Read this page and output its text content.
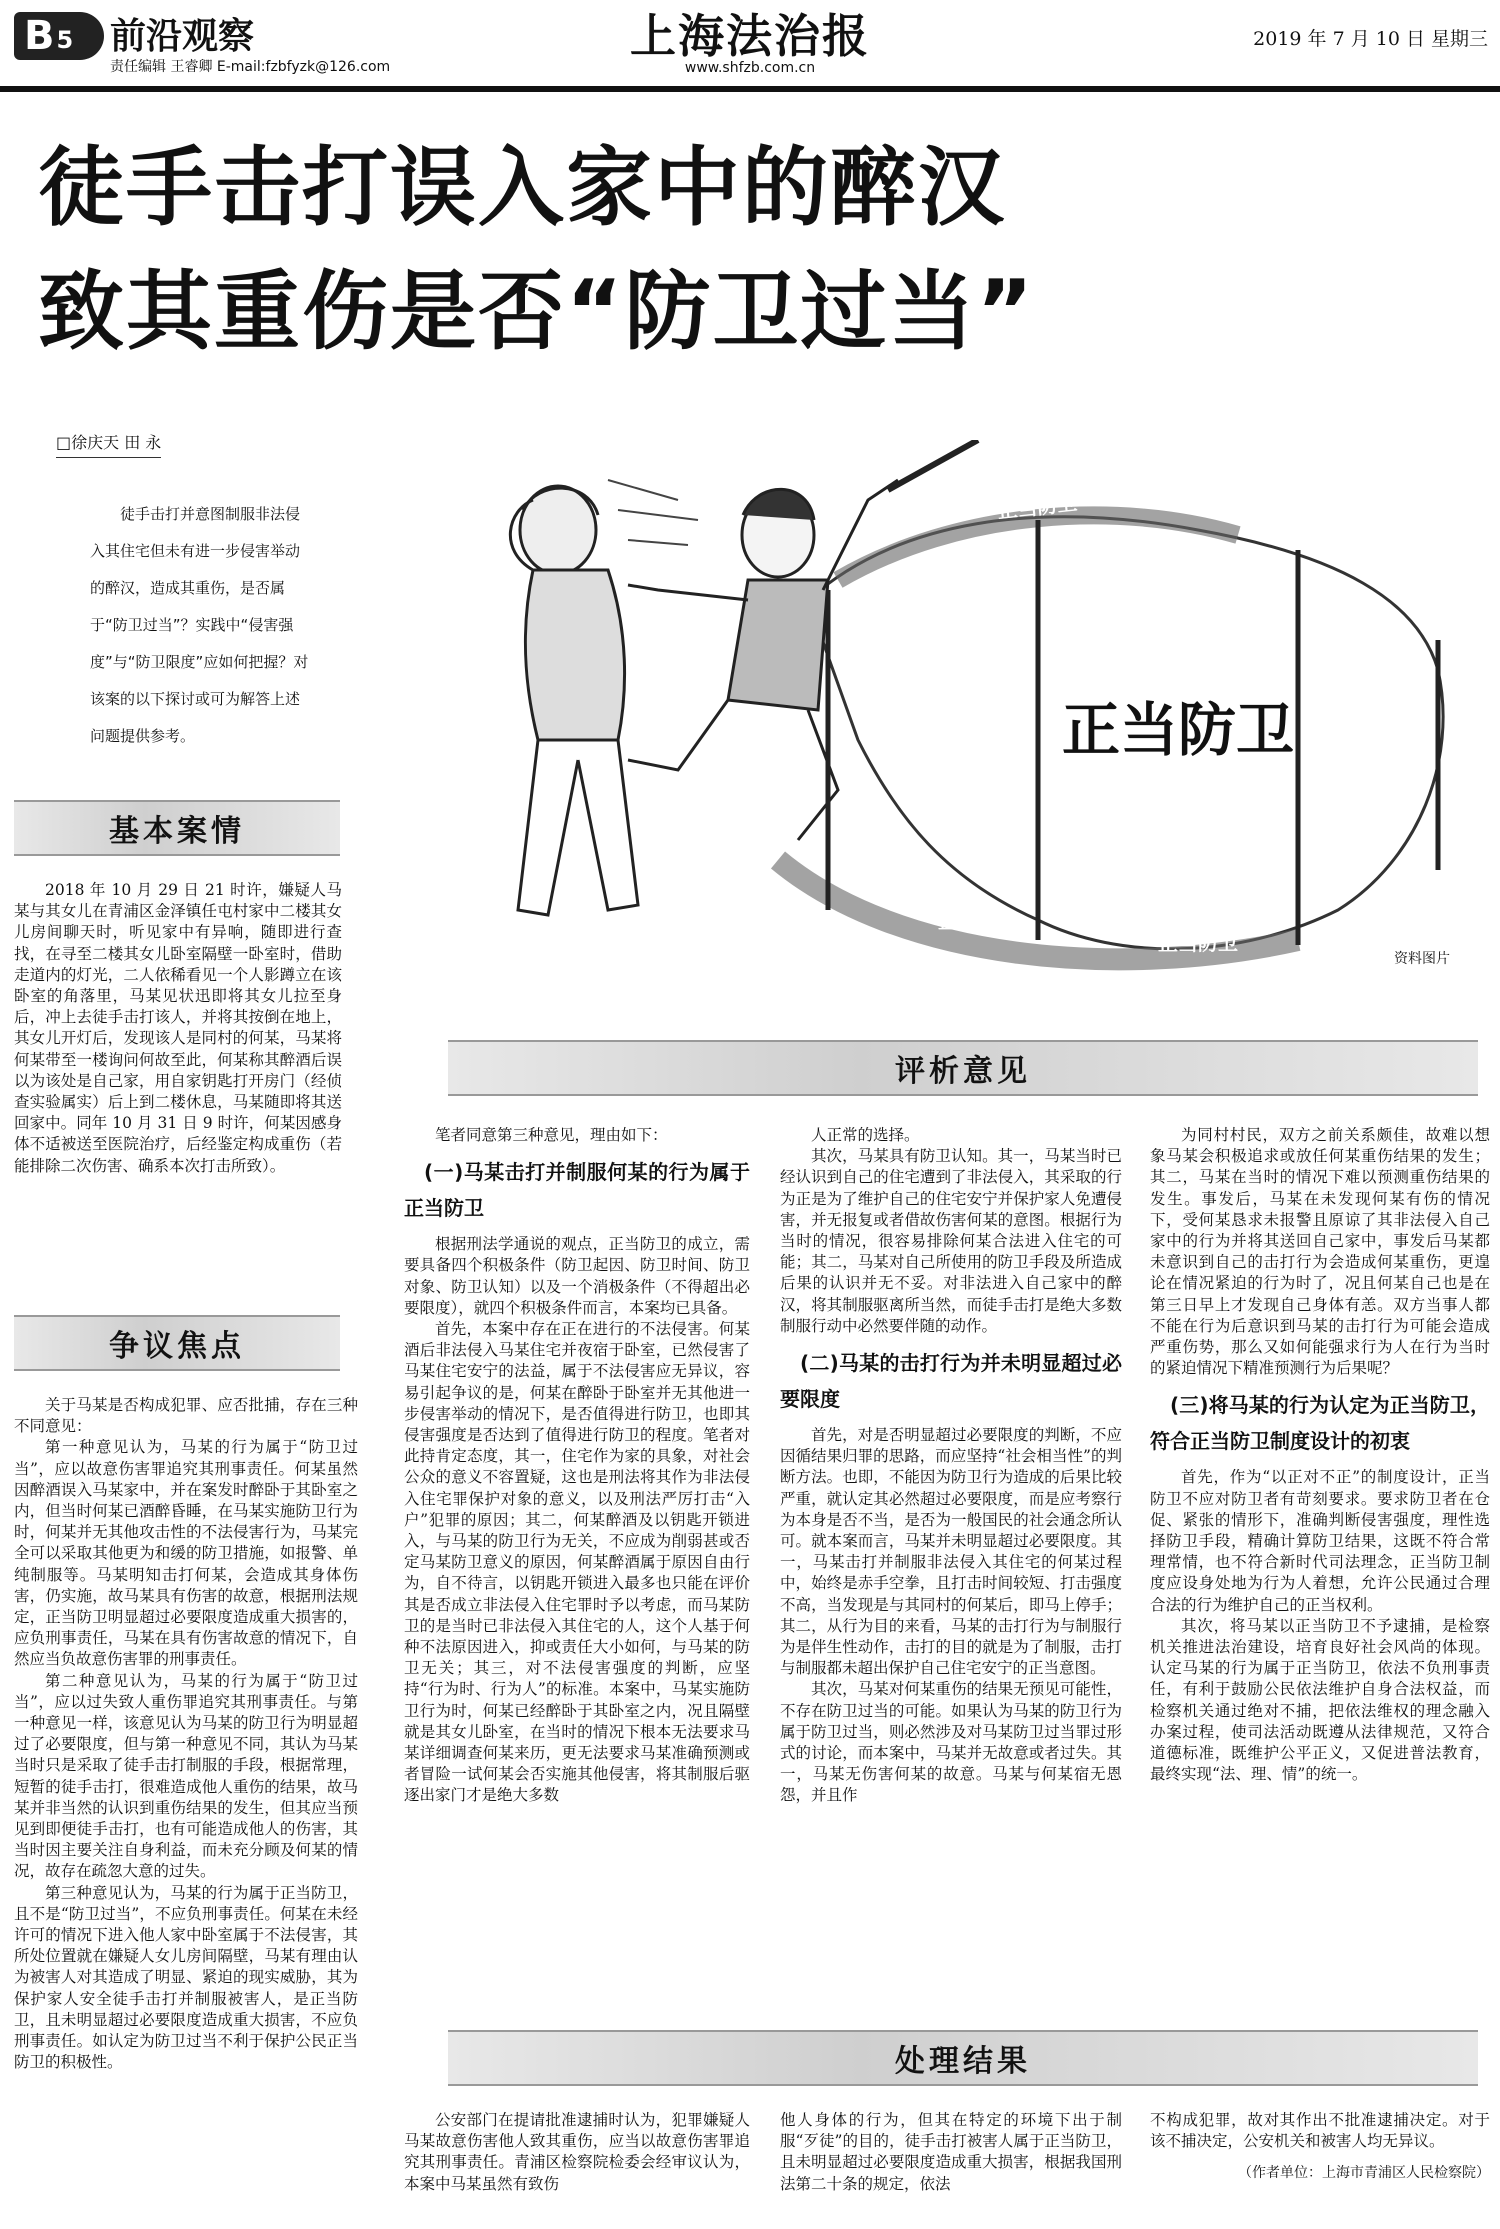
B 5 前沿观察
责任编辑 王睿卿 E-mail:fzbfyzk@126.com
上海法治报
www.shfzb.com.cn
2019 年 7 月 10 日 星期三
徒手击打误入家中的醉汉
致其重伤是否“防卫过当”
□徐庆天 田 永
徒手击打并意图制服非法侵入其住宅但未有进一步侵害举动的醉汉，造成其重伤，是否属于“防卫过当”？实践中“侵害强度”与“防卫限度”应如何把握？对该案的以下探讨或可为解答上述问题提供参考。	正当防卫
正当防卫
正当防卫
正当防卫
资料图片
基本案情

2018 年 10 月 29 日 21 时许，嫌疑人马某与其女儿在青浦区金泽镇任屯村家中二楼其女儿房间聊天时，听见家中有异响，随即进行查找，在寻至二楼其女儿卧室隔壁一卧室时，借助走道内的灯光，二人依稀看见一个人影蹲立在该卧室的角落里，马某见状迅即将其女儿拉至身后，冲上去徒手击打该人，并将其按倒在地上，其女儿开灯后，发现该人是同村的何某，马某将何某带至一楼询问何故至此，何某称其醉酒后误以为该处是自己家，用自家钥匙打开房门（经侦查实验属实）后上到二楼休息，马某随即将其送回家中。同年 10 月 31 日 9 时许，何某因感身体不适被送至医院治疗，后经鉴定构成重伤（若能排除二次伤害、确系本次打击所致）。

争议焦点

关于马某是否构成犯罪、应否批捕，存在三种不同意见：

第一种意见认为，马某的行为属于“防卫过当”，应以故意伤害罪追究其刑事责任。何某虽然因醉酒误入马某家中，并在案发时醉卧于其卧室之内，但当时何某已酒醉昏睡，在马某实施防卫行为时，何某并无其他攻击性的不法侵害行为，马某完全可以采取其他更为和缓的防卫措施，如报警、单纯制服等。马某明知击打何某，会造成其身体伤害，仍实施，故马某具有伤害的故意，根据刑法规定，正当防卫明显超过必要限度造成重大损害的，应负刑事责任，马某在具有伤害故意的情况下，自然应当负故意伤害罪的刑事责任。

第二种意见认为，马某的行为属于“防卫过当”，应以过失致人重伤罪追究其刑事责任。与第一种意见一样，该意见认为马某的防卫行为明显超过了必要限度，但与第一种意见不同，其认为马某当时只是采取了徒手击打制服的手段，根据常理，短暂的徒手击打，很难造成他人重伤的结果，故马某并非当然的认识到重伤结果的发生，但其应当预见到即便徒手击打，也有可能造成他人的伤害，其当时因主要关注自身利益，而未充分顾及何某的情况，故存在疏忽大意的过失。

第三种意见认为，马某的行为属于正当防卫，且不是“防卫过当”，不应负刑事责任。何某在未经许可的情况下进入他人家中卧室属于不法侵害，其所处位置就在嫌疑人女儿房间隔壁，马某有理由认为被害人对其造成了明显、紧迫的现实威胁，其为保护家人安全徒手击打并制服被害人，是正当防卫，且未明显超过必要限度造成重大损害，不应负刑事责任。如认定为防卫过当不利于保护公民正当防卫的积极性。

评析意见

笔者同意第三种意见，理由如下：

(一)马某击打并制服何某的行为属于正当防卫

根据刑法学通说的观点，正当防卫的成立，需要具备四个积极条件（防卫起因、防卫时间、防卫对象、防卫认知）以及一个消极条件（不得超出必要限度），就四个积极条件而言，本案均已具备。

首先，本案中存在正在进行的不法侵害。何某酒后非法侵入马某住宅并夜宿于卧室，已然侵害了马某住宅安宁的法益，属于不法侵害应无异议，容易引起争议的是，何某在醉卧于卧室并无其他进一步侵害举动的情况下，是否值得进行防卫，也即其侵害强度是否达到了值得进行防卫的程度。笔者对此持肯定态度，其一，住宅作为家的具象，对社会公众的意义不容置疑，这也是刑法将其作为非法侵入住宅罪保护对象的意义，以及刑法严厉打击“入户”犯罪的原因；其二，何某醉酒及以钥匙开锁进入，与马某的防卫行为无关，不应成为削弱甚或否定马某防卫意义的原因，何某醉酒属于原因自由行为，自不待言，以钥匙开锁进入最多也只能在评价其是否成立非法侵入住宅罪时予以考虑，而马某防卫的是当时已非法侵入其住宅的人，这个人基于何种不法原因进入，抑或责任大小如何，与马某的防卫无关；其三，对不法侵害强度的判断，应坚持“行为时、行为人”的标准。本案中，马某实施防卫行为时，何某已经醉卧于其卧室之内，况且隔壁就是其女儿卧室，在当时的情况下根本无法要求马某详细调查何某来历，更无法要求马某准确预测或者冒险一试何某会否实施其他侵害，将其制服后驱逐出家门才是绝大多数

人正常的选择。

其次，马某具有防卫认知。其一，马某当时已经认识到自己的住宅遭到了非法侵入，其采取的行为正是为了维护自己的住宅安宁并保护家人免遭侵害，并无报复或者借故伤害何某的意图。根据行为当时的情况，很容易排除何某合法进入住宅的可能；其二，马某对自己所使用的防卫手段及所造成后果的认识并无不妥。对非法进入自己家中的醉汉，将其制服驱离所当然，而徒手击打是绝大多数制服行动中必然要伴随的动作。

(二)马某的击打行为并未明显超过必要限度

首先，对是否明显超过必要限度的判断，不应因循结果归罪的思路，而应坚持“社会相当性”的判断方法。也即，不能因为防卫行为造成的后果比较严重，就认定其必然超过必要限度，而是应考察行为本身是否不当，是否为一般国民的社会通念所认可。就本案而言，马某并未明显超过必要限度。其一，马某击打并制服非法侵入其住宅的何某过程中，始终是赤手空拳，且打击时间较短、打击强度不高，当发现是与其同村的何某后，即马上停手；其二，从行为目的来看，马某的击打行为与制服行为是伴生性动作，击打的目的就是为了制服，击打与制服都未超出保护自己住宅安宁的正当意图。

其次，马某对何某重伤的结果无预见可能性，不存在防卫过当的可能。如果认为马某的防卫行为属于防卫过当，则必然涉及对马某防卫过当罪过形式的讨论，而本案中，马某并无故意或者过失。其一，马某无伤害何某的故意。马某与何某宿无恩怨，并且作

为同村村民，双方之前关系颇佳，故难以想象马某会积极追求或放任何某重伤结果的发生；其二，马某在当时的情况下难以预测重伤结果的发生。事发后，马某在未发现何某有伤的情况下，受何某恳求未报警且原谅了其非法侵入自己家中的行为并将其送回自己家中，事发后马某都未意识到自己的击打行为会造成何某重伤，更遑论在情况紧迫的行为时了，况且何某自己也是在第三日早上才发现自己身体有恙。双方当事人都不能在行为后意识到马某的击打行为可能会造成严重伤势，那么又如何能强求行为人在行为当时的紧迫情况下精准预测行为后果呢？

(三)将马某的行为认定为正当防卫，符合正当防卫制度设计的初衷

首先，作为“以正对不正”的制度设计，正当防卫不应对防卫者有苛刻要求。要求防卫者在仓促、紧张的情形下，准确判断侵害强度，理性选择防卫手段，精确计算防卫结果，这既不符合常理常情，也不符合新时代司法理念，正当防卫制度应设身处地为行为人着想，允许公民通过合理合法的行为维护自己的正当权利。

其次，将马某以正当防卫不予逮捕，是检察机关推进法治建设，培育良好社会风尚的体现。认定马某的行为属于正当防卫，依法不负刑事责任，有利于鼓励公民依法维护自身合法权益，而检察机关通过绝对不捕，把依法维权的理念融入办案过程，使司法活动既遵从法律规范，又符合道德标准，既维护公平正义，又促进普法教育，最终实现“法、理、情”的统一。

处理结果

公安部门在提请批准逮捕时认为，犯罪嫌疑人马某故意伤害他人致其重伤，应当以故意伤害罪追究其刑事责任。青浦区检察院检委会经审议认为，本案中马某虽然有致伤

他人身体的行为，但其在特定的环境下出于制服“歹徒”的目的，徒手击打被害人属于正当防卫，且未明显超过必要限度造成重大损害，根据我国刑法第二十条的规定，依法

不构成犯罪，故对其作出不批准逮捕决定。对于该不捕决定，公安机关和被害人均无异议。

（作者单位：上海市青浦区人民检察院）
